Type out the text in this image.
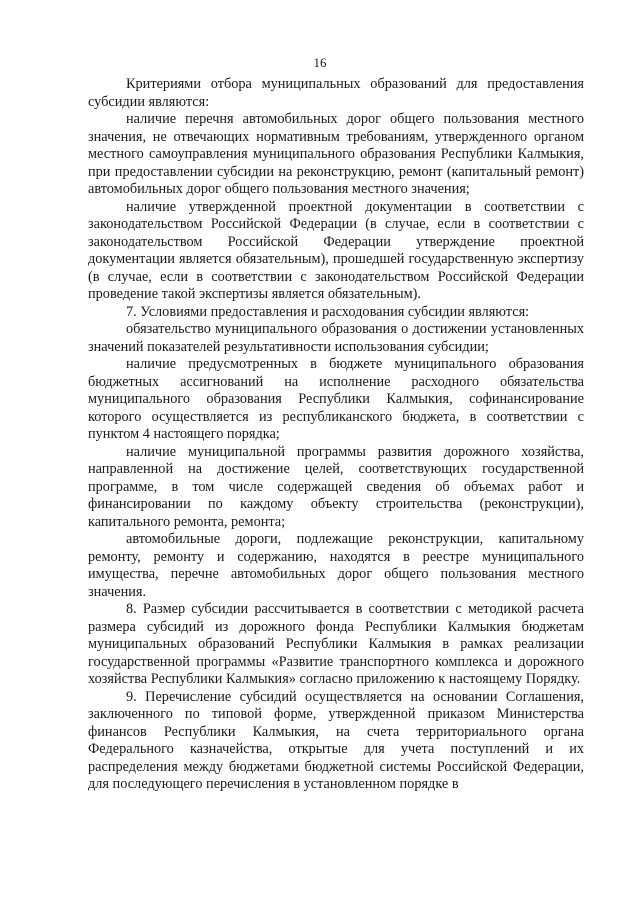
16

Критериями отбора муниципальных образований для предоставления субсидии являются:

наличие перечня автомобильных дорог общего пользования местного значения, не отвечающих нормативным требованиям, утвержденного органом местного самоуправления муниципального образования Республики Калмыкия, при предоставлении субсидии на реконструкцию, ремонт (капитальный ремонт) автомобильных дорог общего пользования местного значения;

наличие утвержденной проектной документации в соответствии с законодательством Российской Федерации (в случае, если в соответствии с законодательством Российской Федерации утверждение проектной документации является обязательным), прошедшей государственную экспертизу (в случае, если в соответствии с законодательством Российской Федерации проведение такой экспертизы является обязательным).

7. Условиями предоставления и расходования субсидии являются:

обязательство муниципального образования о достижении установленных значений показателей результативности использования субсидии;

наличие предусмотренных в бюджете муниципального образования бюджетных ассигнований на исполнение расходного обязательства муниципального образования Республики Калмыкия, софинансирование которого осуществляется из республиканского бюджета, в соответствии с пунктом 4 настоящего порядка;

наличие муниципальной программы развития дорожного хозяйства, направленной на достижение целей, соответствующих государственной программе, в том числе содержащей сведения об объемах работ и финансировании по каждому объекту строительства (реконструкции), капитального ремонта, ремонта;

автомобильные дороги, подлежащие реконструкции, капитальному ремонту, ремонту и содержанию, находятся в реестре муниципального имущества, перечне автомобильных дорог общего пользования местного значения.

8. Размер субсидии рассчитывается в соответствии с методикой расчета размера субсидий из дорожного фонда Республики Калмыкия бюджетам муниципальных образований Республики Калмыкия в рамках реализации государственной программы «Развитие транспортного комплекса и дорожного хозяйства Республики Калмыкия» согласно приложению к настоящему Порядку.

9. Перечисление субсидий осуществляется на основании Соглашения, заключенного по типовой форме, утвержденной приказом Министерства финансов Республики Калмыкия, на счета территориального органа Федерального казначейства, открытые для учета поступлений и их распределения между бюджетами бюджетной системы Российской Федерации, для последующего перечисления в установленном порядке в
